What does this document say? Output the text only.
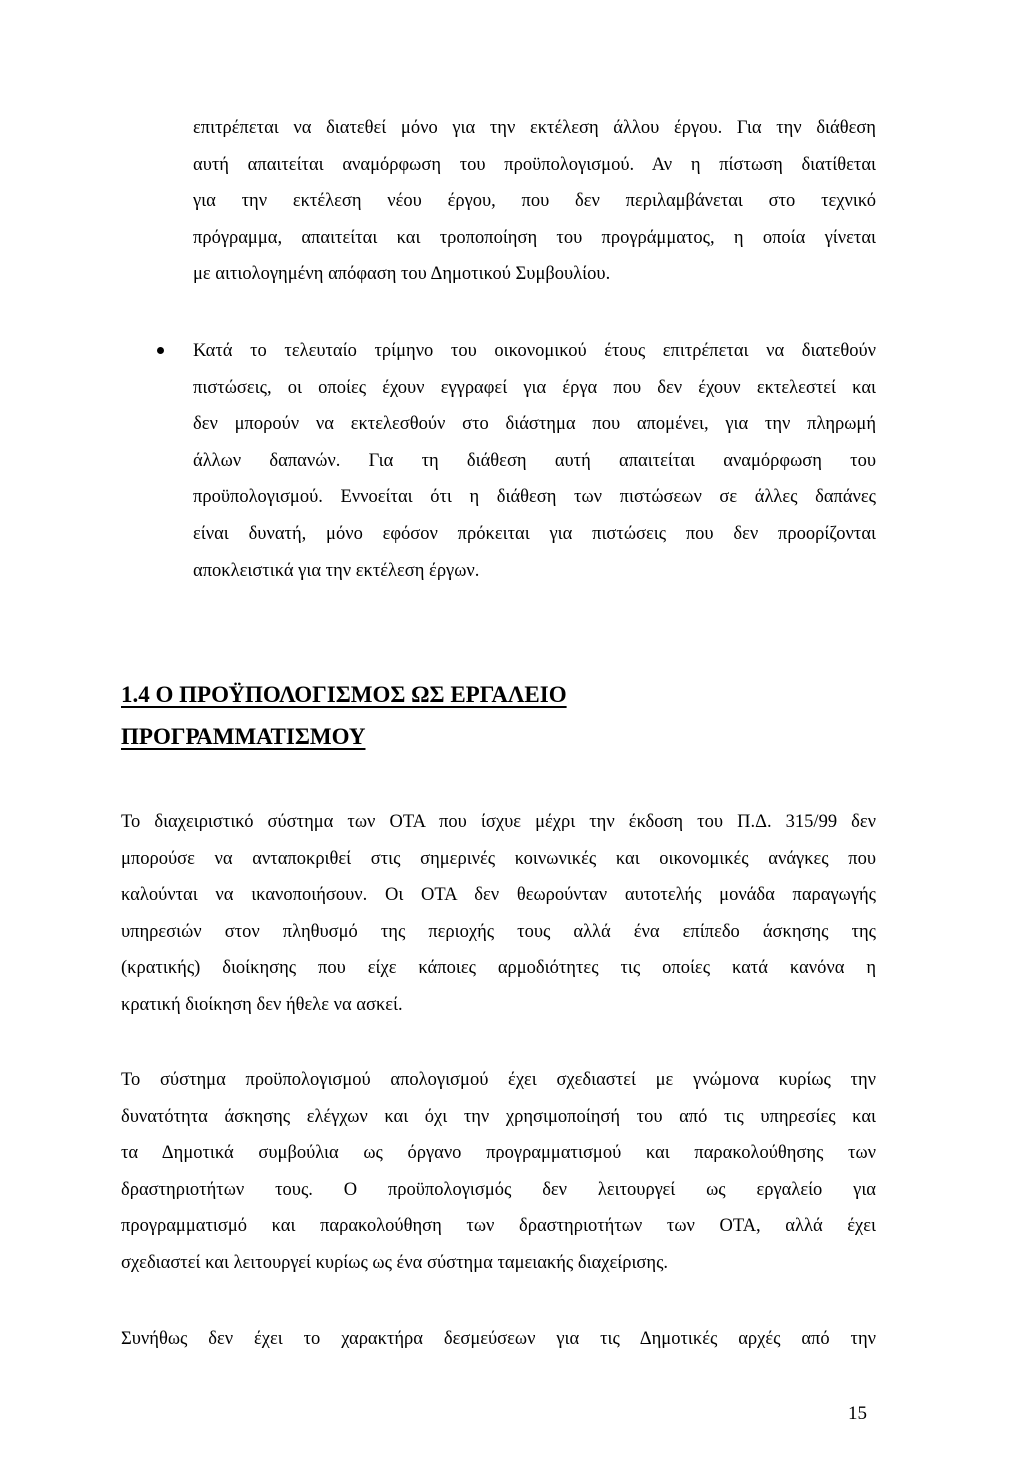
επιτρέπεται να διατεθεί μόνο για την εκτέλεση άλλου έργου. Για την διάθεση
αυτή απαιτείται αναμόρφωση του προϋπολογισμού. Αν η πίστωση διατίθεται
για την εκτέλεση νέου έργου, που δεν περιλαμβάνεται στο τεχνικό
πρόγραμμα, απαιτείται και τροποποίηση του προγράμματος, η οποία γίνεται
με αιτιολογημένη απόφαση του Δημοτικού Συμβουλίου.
Κατά το τελευταίο τρίμηνο του οικονομικού έτους επιτρέπεται να διατεθούν
πιστώσεις, οι οποίες έχουν εγγραφεί για έργα που δεν έχουν εκτελεστεί και
δεν μπορούν να εκτελεσθούν στο διάστημα που απομένει, για την πληρωμή
άλλων δαπανών. Για τη διάθεση αυτή απαιτείται αναμόρφωση του
προϋπολογισμού. Εννοείται ότι η διάθεση των πιστώσεων σε άλλες δαπάνες
είναι δυνατή, μόνο εφόσον πρόκειται για πιστώσεις που δεν προορίζονται
αποκλειστικά για την εκτέλεση έργων.
1.4 Ο ΠΡΟΫΠΟΛΟΓΙΣΜΟΣ ΩΣ ΕΡΓΑΛΕΙΟ
ΠΡΟΓΡΑΜΜΑΤΙΣΜΟΥ
Το διαχειριστικό σύστημα των ΟΤΑ που ίσχυε μέχρι την έκδοση του Π.Δ. 315/99 δεν
μπορούσε να ανταποκριθεί στις σημερινές κοινωνικές και οικονομικές ανάγκες που
καλούνται να ικανοποιήσουν. Οι ΟΤΑ δεν θεωρούνταν αυτοτελής μονάδα παραγωγής
υπηρεσιών στον πληθυσμό της περιοχής τους αλλά ένα επίπεδο άσκησης της
(κρατικής) διοίκησης που είχε κάποιες αρμοδιότητες τις οποίες κατά κανόνα η
κρατική διοίκηση δεν ήθελε να ασκεί.
Το σύστημα προϋπολογισμού απολογισμού έχει σχεδιαστεί με γνώμονα κυρίως την
δυνατότητα άσκησης ελέγχων και όχι την χρησιμοποίησή του από τις υπηρεσίες και
τα Δημοτικά συμβούλια ως όργανο προγραμματισμού και παρακολούθησης των
δραστηριοτήτων τους. Ο προϋπολογισμός δεν λειτουργεί ως εργαλείο για
προγραμματισμό και παρακολούθηση των δραστηριοτήτων των ΟΤΑ, αλλά έχει
σχεδιαστεί και λειτουργεί κυρίως ως ένα σύστημα ταμειακής διαχείρισης.
Συνήθως δεν έχει το χαρακτήρα δεσμεύσεων για τις Δημοτικές αρχές από την
15
